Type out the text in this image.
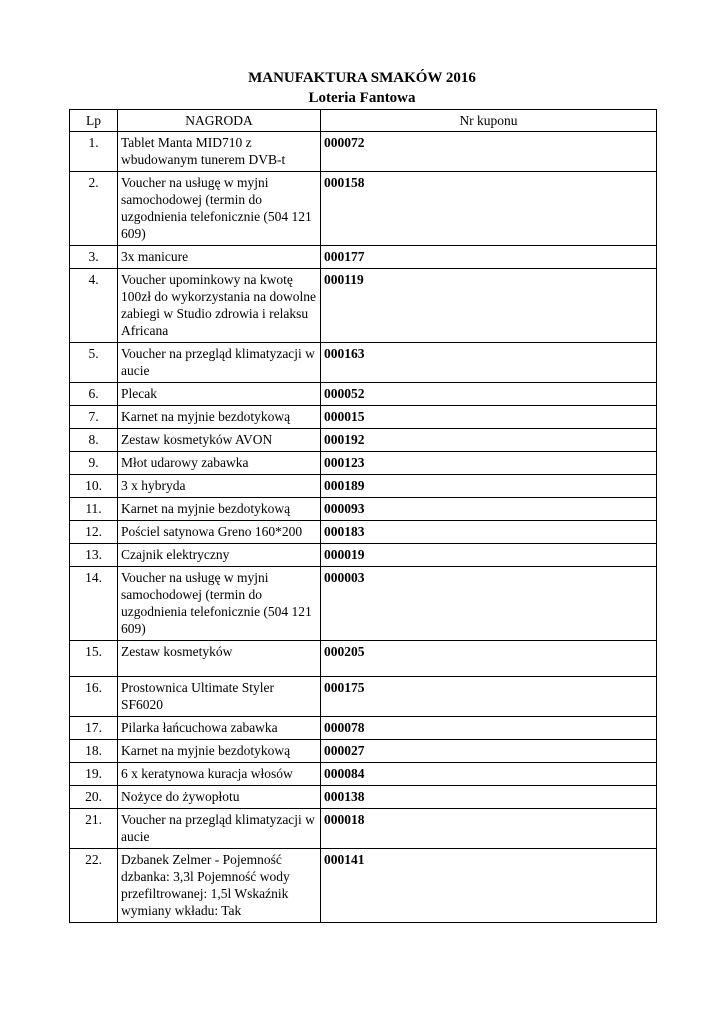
MANUFAKTURA SMAKÓW 2016
Loteria Fantowa
Lp	NAGRODA	Nr kuponu
1.	Tablet Manta MID710 z wbudowanym tunerem DVB-t	000072
2.	Voucher na usługę w myjni samochodowej (termin do uzgodnienia telefonicznie (504 121 609)	000158
3.	3x manicure	000177
4.	Voucher upominkowy na kwotę 100zł do wykorzystania na dowolne zabiegi w Studio zdrowia i relaksu Africana	000119
5.	Voucher na przegląd klimatyzacji w aucie	000163
6.	Plecak	000052
7.	Karnet na myjnie bezdotykową	000015
8.	Zestaw kosmetyków AVON	000192
9.	Młot udarowy zabawka	000123
10.	3 x hybryda	000189
11.	Karnet na myjnie bezdotykową	000093
12.	Pościel satynowa Greno 160*200	000183
13.	Czajnik elektryczny	000019
14.	Voucher na usługę w myjni samochodowej (termin do uzgodnienia telefonicznie (504 121 609)	000003
15.	Zestaw kosmetyków	000205
16.	Prostownica Ultimate Styler SF6020	000175
17.	Pilarka łańcuchowa zabawka	000078
18.	Karnet na myjnie bezdotykową	000027
19.	6 x keratynowa kuracja włosów	000084
20.	Nożyce do żywopłotu	000138
21.	Voucher na przegląd klimatyzacji w aucie	000018
22.	Dzbanek Zelmer - Pojemność dzbanka: 3,3l Pojemność wody przefiltrowanej: 1,5l Wskaźnik wymiany wkładu: Tak	000141
